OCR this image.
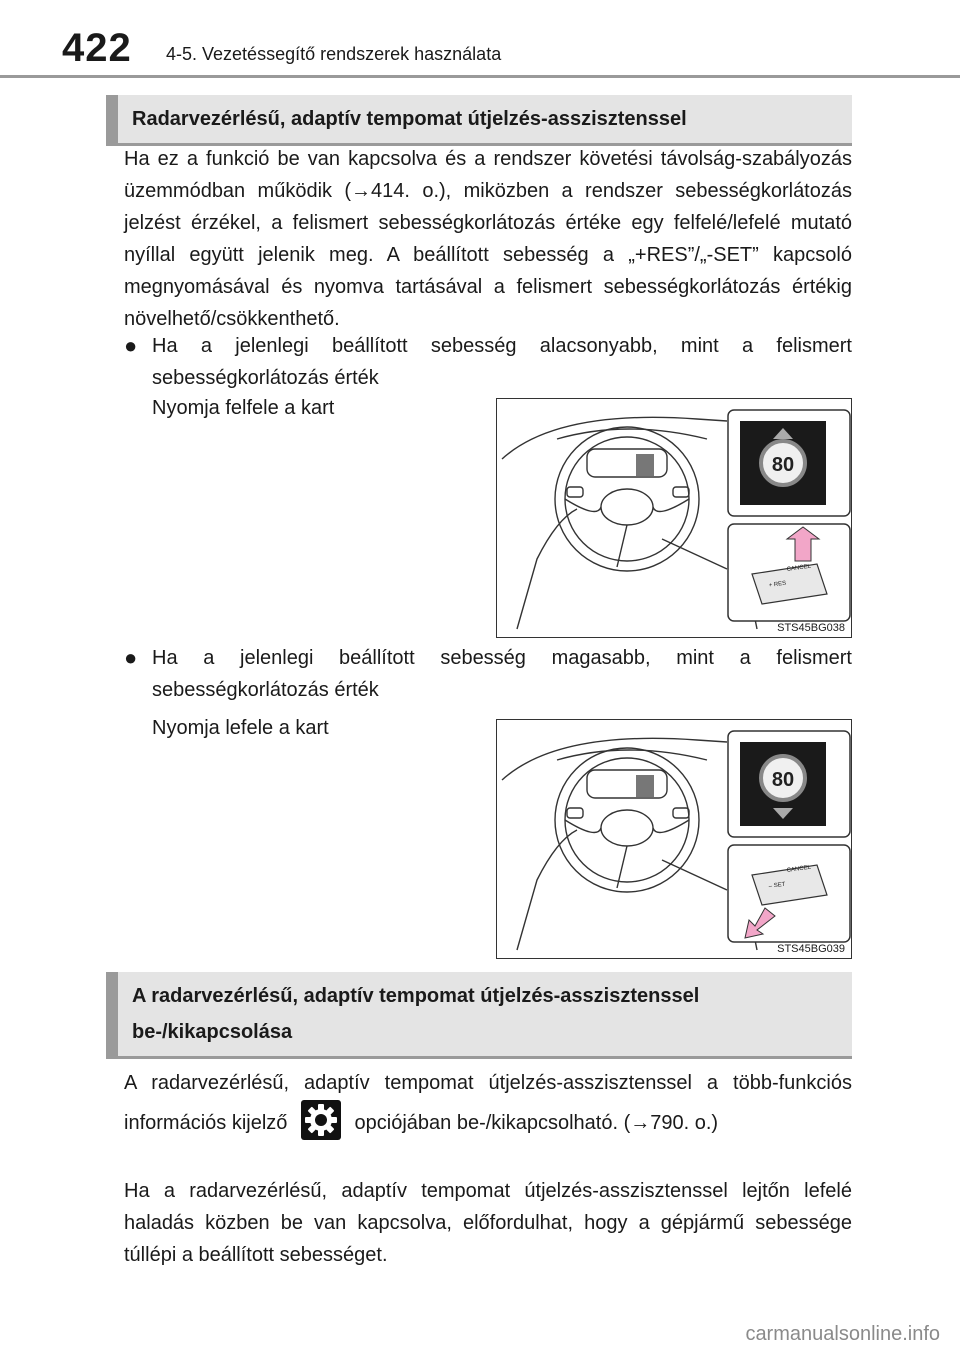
422 4-5. Vezetéssegítő rendszerek használata
Radarvezérlésű, adaptív tempomat útjelzés-asszisztenssel
Ha ez a funkció be van kapcsolva és a rendszer követési távolság-szabályozás üzemmódban működik (→414. o.), miközben a rendszer sebességkorlátozás jelzést érzékel, a felismert sebességkorlátozás értéke egy felfelé/lefelé mutató nyíllal együtt jelenik meg. A beállított sebesség a „+RES”/„-SET” kapcsoló megnyomásával és nyomva tartásával a felismert sebességkorlátozás értékig növelhető/csökkenthető.
● Ha a jelenlegi beállított sebesség alacsonyabb, mint a felismert sebességkorlátozás érték
Nyomja felfele a kart
80
+ RES
CANCEL
STS45BG038
● Ha a jelenlegi beállított sebesség magasabb, mint a felismert sebességkorlátozás érték
Nyomja lefele a kart
80
– SET
CANCEL
STS45BG039
A radarvezérlésű, adaptív tempomat útjelzés-asszisztenssel be-/kikapcsolása
A radarvezérlésű, adaptív tempomat útjelzés-asszisztenssel a több-funkciós információs kijelző	opciójában be-/kikapcsolható. (→790. o.)
Ha a radarvezérlésű, adaptív tempomat útjelzés-asszisztenssel lejtőn lefelé haladás közben be van kapcsolva, előfordulhat, hogy a gépjármű sebessége túllépi a beállított sebességet.
carmanualsonline.info
